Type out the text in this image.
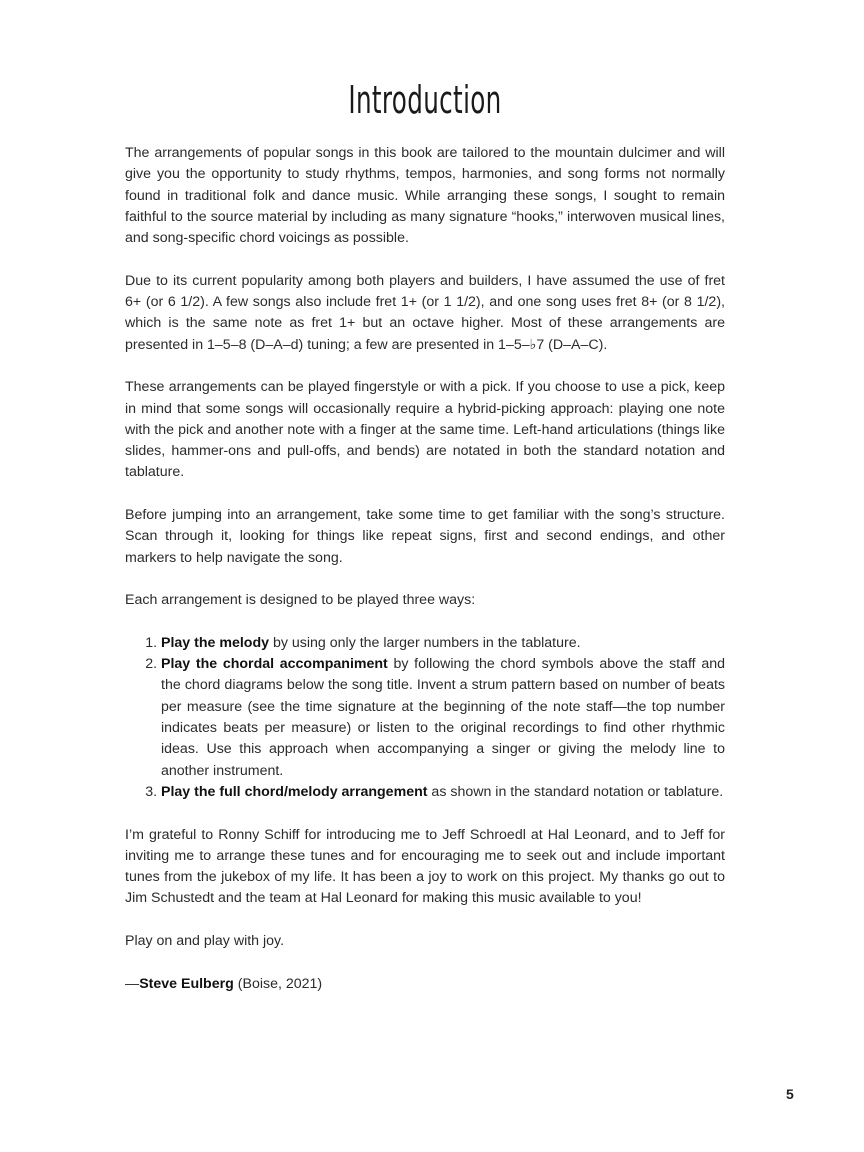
Introduction

The arrangements of popular songs in this book are tailored to the mountain dulcimer and will give you the opportunity to study rhythms, tempos, harmonies, and song forms not normally found in traditional folk and dance music. While arranging these songs, I sought to remain faithful to the source material by including as many signature “hooks,” interwoven musical lines, and song-specific chord voicings as possible.

Due to its current popularity among both players and builders, I have assumed the use of fret 6+ (or 6 1/2). A few songs also include fret 1+ (or 1 1/2), and one song uses fret 8+ (or 8 1/2), which is the same note as fret 1+ but an octave higher. Most of these arrangements are presented in 1–5–8 (D–A–d) tuning; a few are presented in 1–5–♭7 (D–A–C).

These arrangements can be played fingerstyle or with a pick. If you choose to use a pick, keep in mind that some songs will occasionally require a hybrid-picking approach: playing one note with the pick and another note with a finger at the same time. Left-hand articulations (things like slides, hammer-ons and pull-offs, and bends) are notated in both the standard notation and tablature.

Before jumping into an arrangement, take some time to get familiar with the song’s structure. Scan through it, looking for things like repeat signs, first and second endings, and other markers to help navigate the song.

Each arrangement is designed to be played three ways:

1. Play the melody by using only the larger numbers in the tablature.
2. Play the chordal accompaniment by following the chord symbols above the staff and the chord diagrams below the song title. Invent a strum pattern based on number of beats per measure (see the time signature at the beginning of the note staff—the top number indicates beats per measure) or listen to the original recordings to find other rhythmic ideas. Use this approach when accompanying a singer or giving the melody line to another instrument.
3. Play the full chord/melody arrangement as shown in the standard notation or tablature.

I’m grateful to Ronny Schiff for introducing me to Jeff Schroedl at Hal Leonard, and to Jeff for inviting me to arrange these tunes and for encouraging me to seek out and include important tunes from the jukebox of my life. It has been a joy to work on this project. My thanks go out to Jim Schustedt and the team at Hal Leonard for making this music available to you!

Play on and play with joy.

—Steve Eulberg (Boise, 2021)

5
